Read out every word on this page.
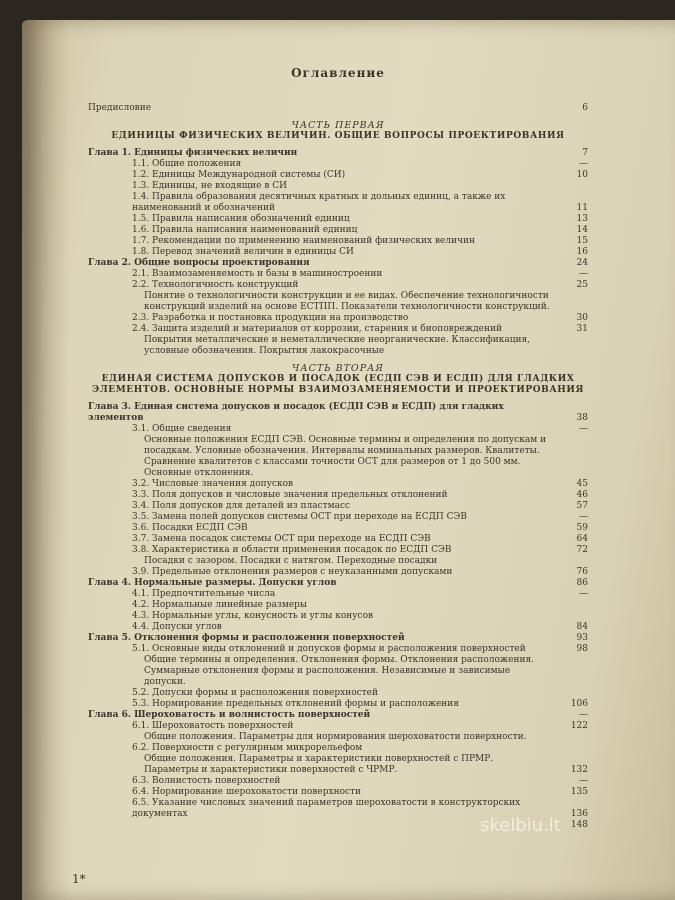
Оглавление
Предисловие	6
ЧАСТЬ ПЕРВАЯ
ЕДИНИЦЫ ФИЗИЧЕСКИХ ВЕЛИЧИН. ОБЩИЕ ВОПРОСЫ ПРОЕКТИРОВАНИЯ
Глава 1. Единицы физических величин	7
1.1. Общие положения	—
1.2. Единицы Международной системы (СИ)	10
1.3. Единицы, не входящие в СИ
1.4. Правила образования десятичных кратных и дольных единиц, а также их наименований и обозначений	11
1.5. Правила написания обозначений единиц	13
1.6. Правила написания наименований единиц	14
1.7. Рекомендации по применению наименований физических величин	15
1.8. Перевод значений величин в единицы СИ	16
Глава 2. Общие вопросы проектирования	24
2.1. Взаимозаменяемость и базы в машиностроении	—
2.2. Технологичность конструкций	25
Понятие о технологичности конструкции и ее видах. Обеспечение технологичности конструкций изделий на основе ЕСТПП. Показатели технологичности конструкций.
2.3. Разработка и постановка продукции на производство	30
2.4. Защита изделий и материалов от коррозии, старения и биоповреждений	31
Покрытия металлические и неметаллические неорганические. Классификация, условные обозначения. Покрытия лакокрасочные
ЧАСТЬ ВТОРАЯ
ЕДИНАЯ СИСТЕМА ДОПУСКОВ И ПОСАДОК (ЕСДП СЭВ И ЕСДП) ДЛЯ ГЛАДКИХ ЭЛЕМЕНТОВ. ОСНОВНЫЕ НОРМЫ ВЗАИМОЗАМЕНЯЕМОСТИ И ПРОЕКТИРОВАНИЯ
Глава 3. Единая система допусков и посадок (ЕСДП СЭВ и ЕСДП) для гладких элементов	38
3.1. Общие сведения	—
Основные положения ЕСДП СЭВ. Основные термины и определения по допускам и посадкам. Условные обозначения. Интервалы номинальных размеров. Квалитеты. Сравнение квалитетов с классами точности ОСТ для размеров от 1 до 500 мм. Основные отклонения.
3.2. Числовые значения допусков	45
3.3. Поля допусков и числовые значения предельных отклонений	46
3.4. Поля допусков для деталей из пластмасс	57
3.5. Замена полей допусков системы ОСТ при переходе на ЕСДП СЭВ	—
3.6. Посадки ЕСДП СЭВ	59
3.7. Замена посадок системы ОСТ при переходе на ЕСДП СЭВ	64
3.8. Характеристика и области применения посадок по ЕСДП СЭВ	72
Посадки с зазором. Посадки с натягом. Переходные посадки
3.9. Предельные отклонения размеров с неуказанными допусками	76
Глава 4. Нормальные размеры. Допуски углов	86
4.1. Предпочтительные числа	—
4.2. Нормальные линейные размеры
4.3. Нормальные углы, конусность и углы конусов
4.4. Допуски углов	84
Глава 5. Отклонения формы и расположения поверхностей	93
5.1. Основные виды отклонений и допусков формы и расположения поверхностей	98
Общие термины и определения. Отклонения формы. Отклонения расположения. Суммарные отклонения формы и расположения. Независимые и зависимые допуски.
5.2. Допуски формы и расположения поверхностей
5.3. Нормирование предельных отклонений формы и расположения	106
Глава 6. Шероховатость и волнистость поверхностей	—
6.1. Шероховатость поверхностей	122
Общие положения. Параметры для нормирования шероховатости поверхности.
6.2. Поверхности с регулярным микрорельефом
Общие положения. Параметры и характеристики поверхностей с ПРМР. Параметры и характеристики поверхностей с ЧРМР.	132
6.3. Волнистость поверхностей	—
6.4. Нормирование шероховатости поверхности	135
6.5. Указание числовых значений параметров шероховатости в конструкторских документах	136
148
1*
skelbiu.lt
